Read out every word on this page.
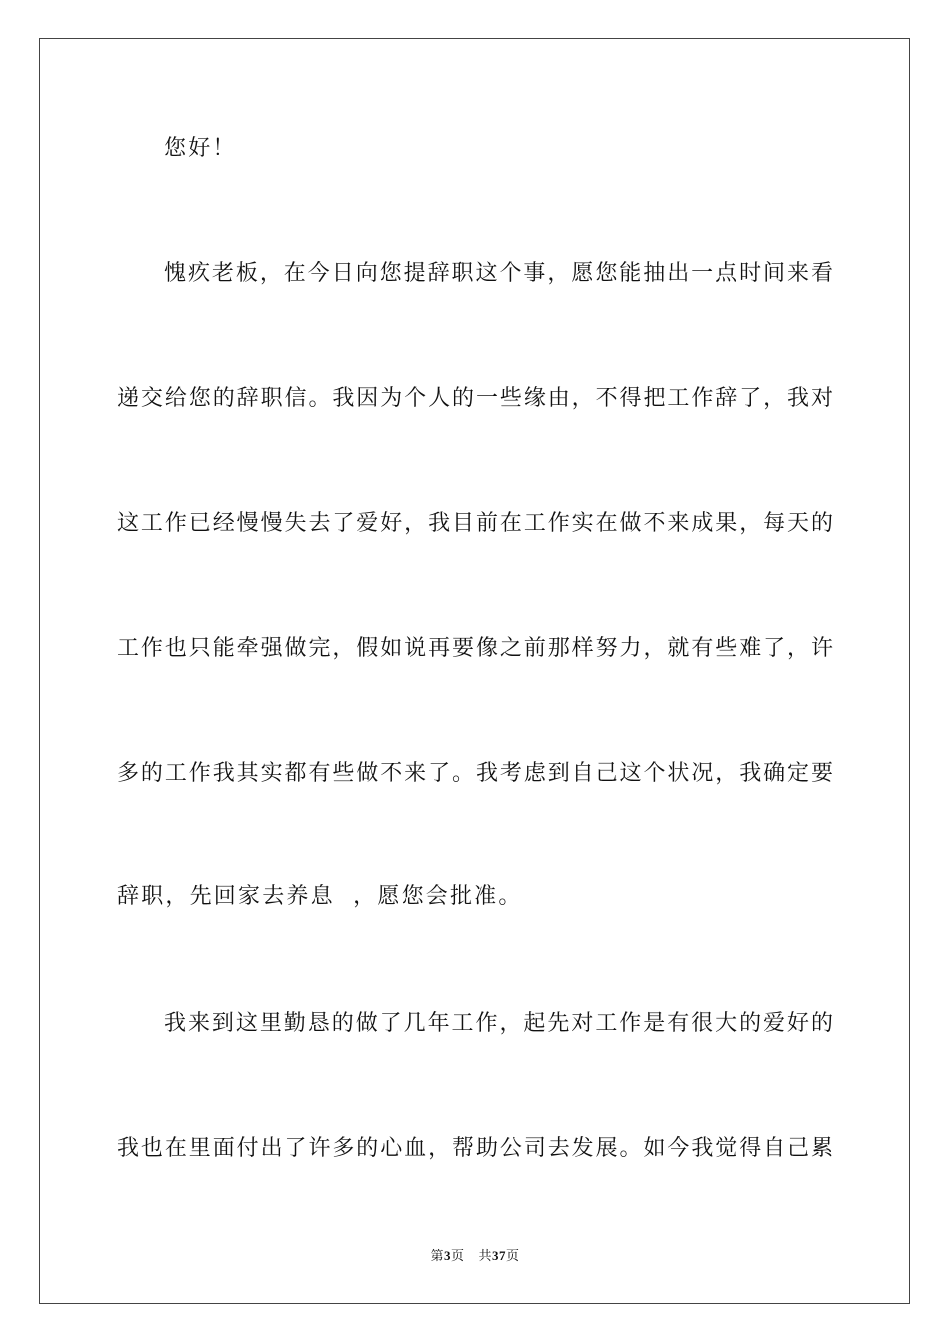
您好！
愧疚老板，在今日向您提辞职这个事，愿您能抽出一点时间来看
递交给您的辞职信。我因为个人的一些缘由，不得把工作辞了，我对
这工作已经慢慢失去了爱好，我目前在工作实在做不来成果，每天的
工作也只能牵强做完，假如说再要像之前那样努力，就有些难了，许
多的工作我其实都有些做不来了。我考虑到自己这个状况，我确定要
辞职，先回家去养息  ，愿您会批准。
我来到这里勤恳的做了几年工作，起先对工作是有很大的爱好的
我也在里面付出了许多的心血，帮助公司去发展。如今我觉得自己累
第3页 共37页
